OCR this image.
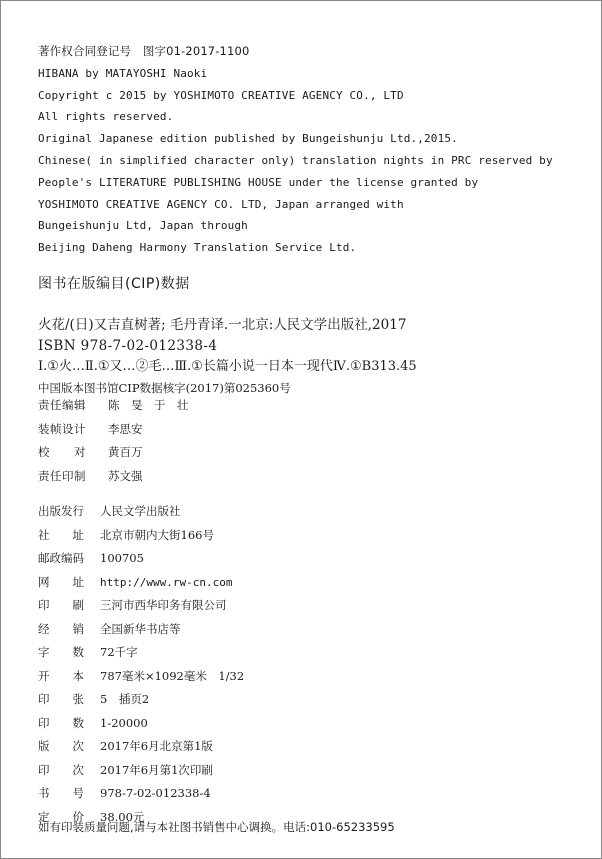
著作权合同登记号　图字01-2017-1100
HIBANA by MATAYOSHI Naoki
Copyright c 2015 by YOSHIMOTO CREATIVE AGENCY CO., LTD
All rights reserved.
Original Japanese edition published by Bungeishunju Ltd.,2015.
Chinese( in simplified character only) translation nights in PRC reserved by
People's LITERATURE PUBLISHING HOUSE under the license granted by
YOSHIMOTO CREATIVE AGENCY CO. LTD, Japan arranged with
Bungeishunju Ltd, Japan through
Beijing Daheng Harmony Translation Service Ltd.
图书在版编目(CIP)数据
火花/(日)又吉直树著; 毛丹青译.一北京:人民文学出版社,2017
ISBN 978-7-02-012338-4
Ⅰ.①火…Ⅱ.①又…②毛…Ⅲ.①长篇小说一日本一现代Ⅳ.①B313.45
中国版本图书馆CIP数据核字(2017)第025360号
责任编辑	陈　旻　于　壮
装帧设计	李思安
校　　对	黄百万
责任印制	苏文强
出版发行	人民文学出版社
社　　址	北京市朝内大街166号
邮政编码	100705
网　　址	http://www.rw-cn.com
印　　刷	三河市西华印务有限公司
经　　销	全国新华书店等
字　　数	72千字
开　　本	787毫米×1092毫米　1/32
印　　张	5　插页2
印　　数	1-20000
版　　次	2017年6月北京第1版
印　　次	2017年6月第1次印刷
书　　号	978-7-02-012338-4
定　　价	38.00元
如有印装质量问题,请与本社图书销售中心调换。电话:010-65233595
